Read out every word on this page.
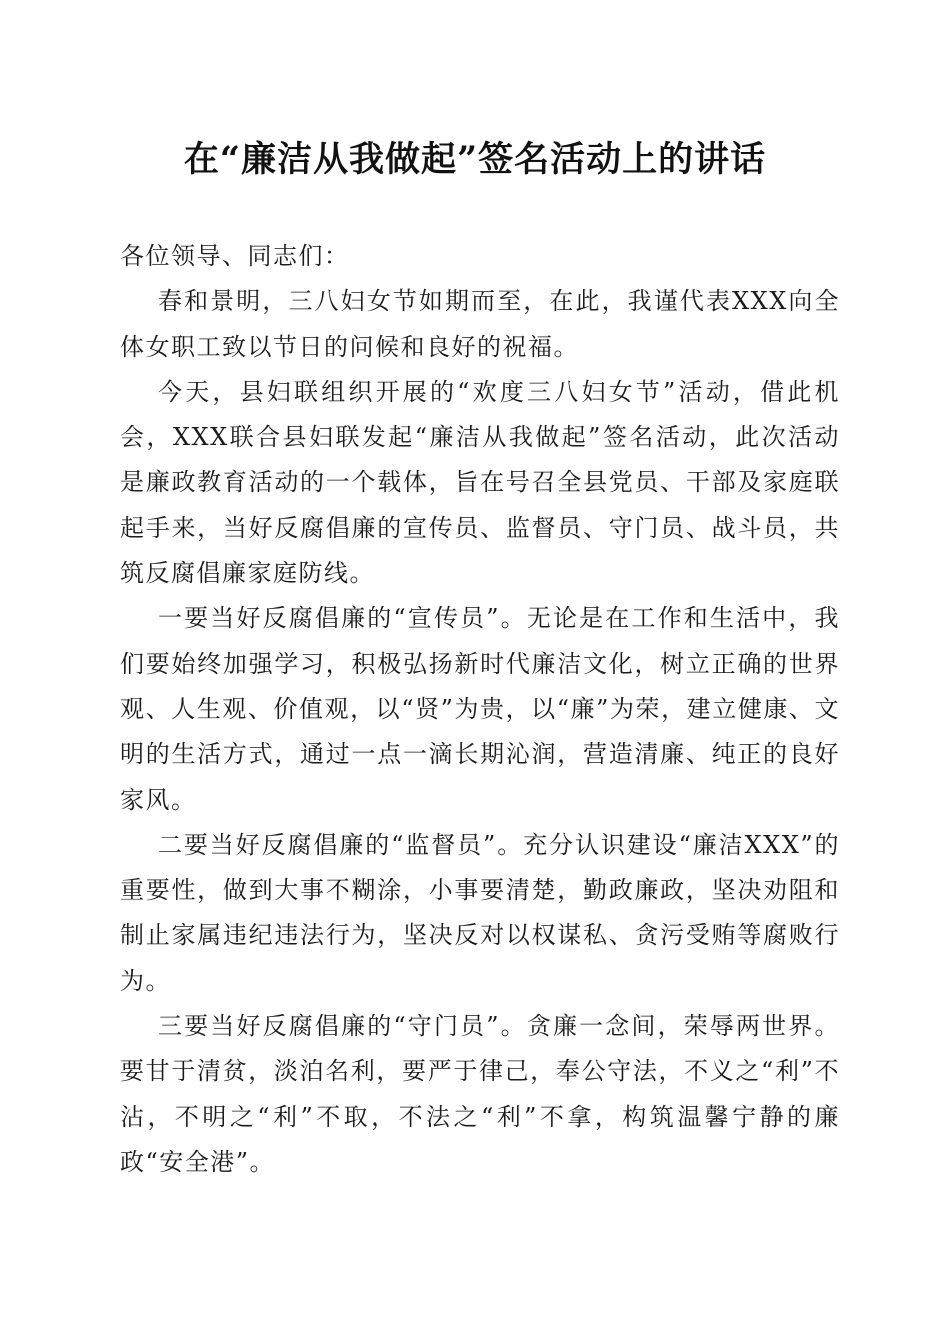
在“廉洁从我做起”签名活动上的讲话

各位领导、同志们：

春和景明，三八妇女节如期而至，在此，我谨代表XXX向全体女职工致以节日的问候和良好的祝福。

今天，县妇联组织开展的“欢度三八妇女节”活动，借此机会，XXX联合县妇联发起“廉洁从我做起”签名活动，此次活动是廉政教育活动的一个载体，旨在号召全县党员、干部及家庭联起手来，当好反腐倡廉的宣传员、监督员、守门员、战斗员，共筑反腐倡廉家庭防线。

一要当好反腐倡廉的“宣传员”。无论是在工作和生活中，我们要始终加强学习，积极弘扬新时代廉洁文化，树立正确的世界观、人生观、价值观，以“贤”为贵，以“廉”为荣，建立健康、文明的生活方式，通过一点一滴长期沁润，营造清廉、纯正的良好家风。

二要当好反腐倡廉的“监督员”。充分认识建设“廉洁XXX”的重要性，做到大事不糊涂，小事要清楚，勤政廉政，坚决劝阻和制止家属违纪违法行为，坚决反对以权谋私、贪污受贿等腐败行为。

三要当好反腐倡廉的“守门员”。贪廉一念间，荣辱两世界。要甘于清贫，淡泊名利，要严于律己，奉公守法，不义之“利”不沾，不明之“利”不取，不法之“利”不拿，构筑温馨宁静的廉政“安全港”。
